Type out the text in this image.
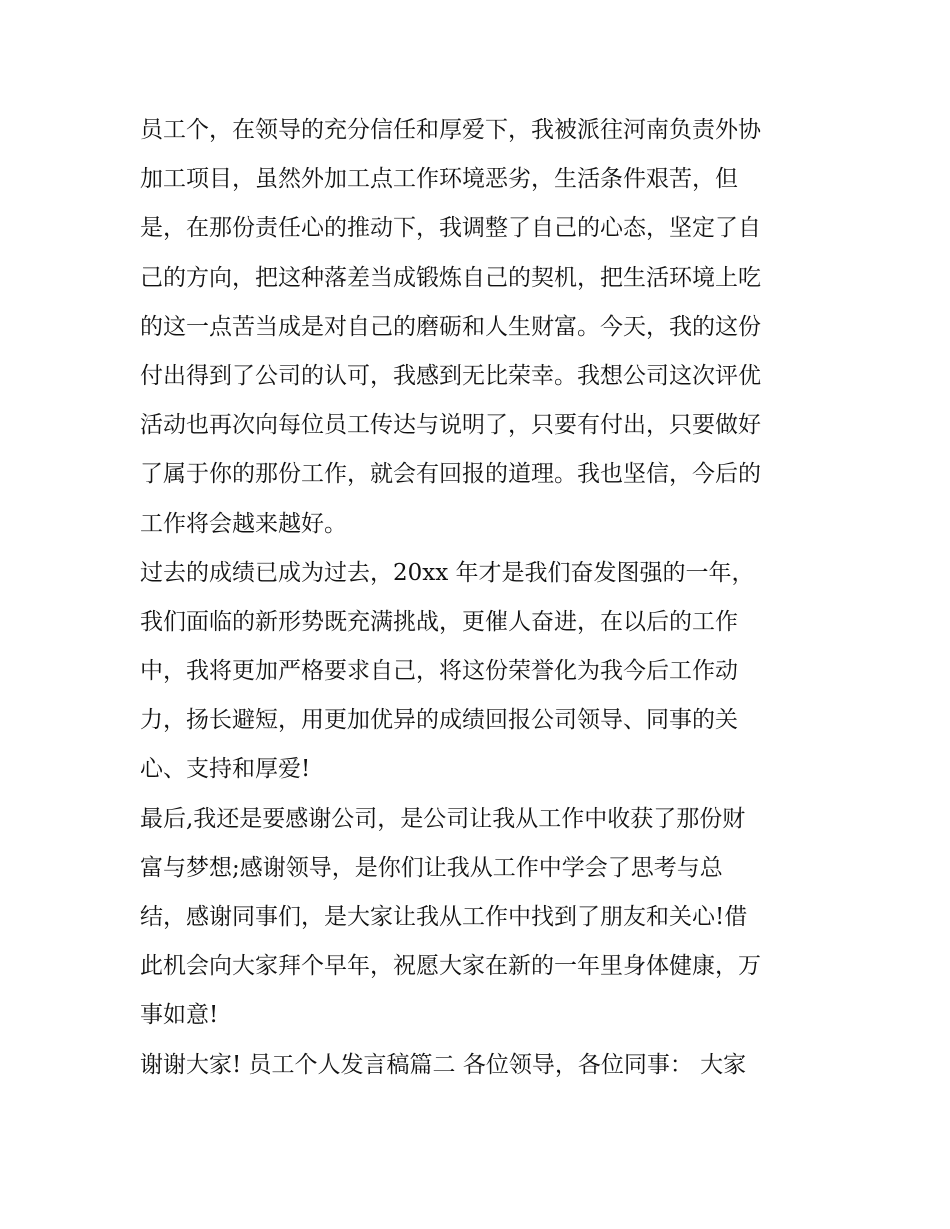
员工个，在领导的充分信任和厚爱下，我被派往河南负责外协
加工项目，虽然外加工点工作环境恶劣，生活条件艰苦，但
是，在那份责任心的推动下，我调整了自己的心态，坚定了自
己的方向，把这种落差当成锻炼自己的契机，把生活环境上吃
的这一点苦当成是对自己的磨砺和人生财富。今天，我的这份
付出得到了公司的认可，我感到无比荣幸。我想公司这次评优
活动也再次向每位员工传达与说明了，只要有付出，只要做好
了属于你的那份工作，就会有回报的道理。我也坚信，今后的
工作将会越来越好。
过去的成绩已成为过去，20xx 年才是我们奋发图强的一年，
我们面临的新形势既充满挑战，更催人奋进，在以后的工作
中，我将更加严格要求自己，将这份荣誉化为我今后工作动
力，扬长避短，用更加优异的成绩回报公司领导、同事的关
心、支持和厚爱!
最后,我还是要感谢公司，是公司让我从工作中收获了那份财
富与梦想;感谢领导，是你们让我从工作中学会了思考与总
结，感谢同事们，是大家让我从工作中找到了朋友和关心!借
此机会向大家拜个早年，祝愿大家在新的一年里身体健康，万
事如意!
谢谢大家! 员工个人发言稿篇二 各位领导，各位同事： 大家
